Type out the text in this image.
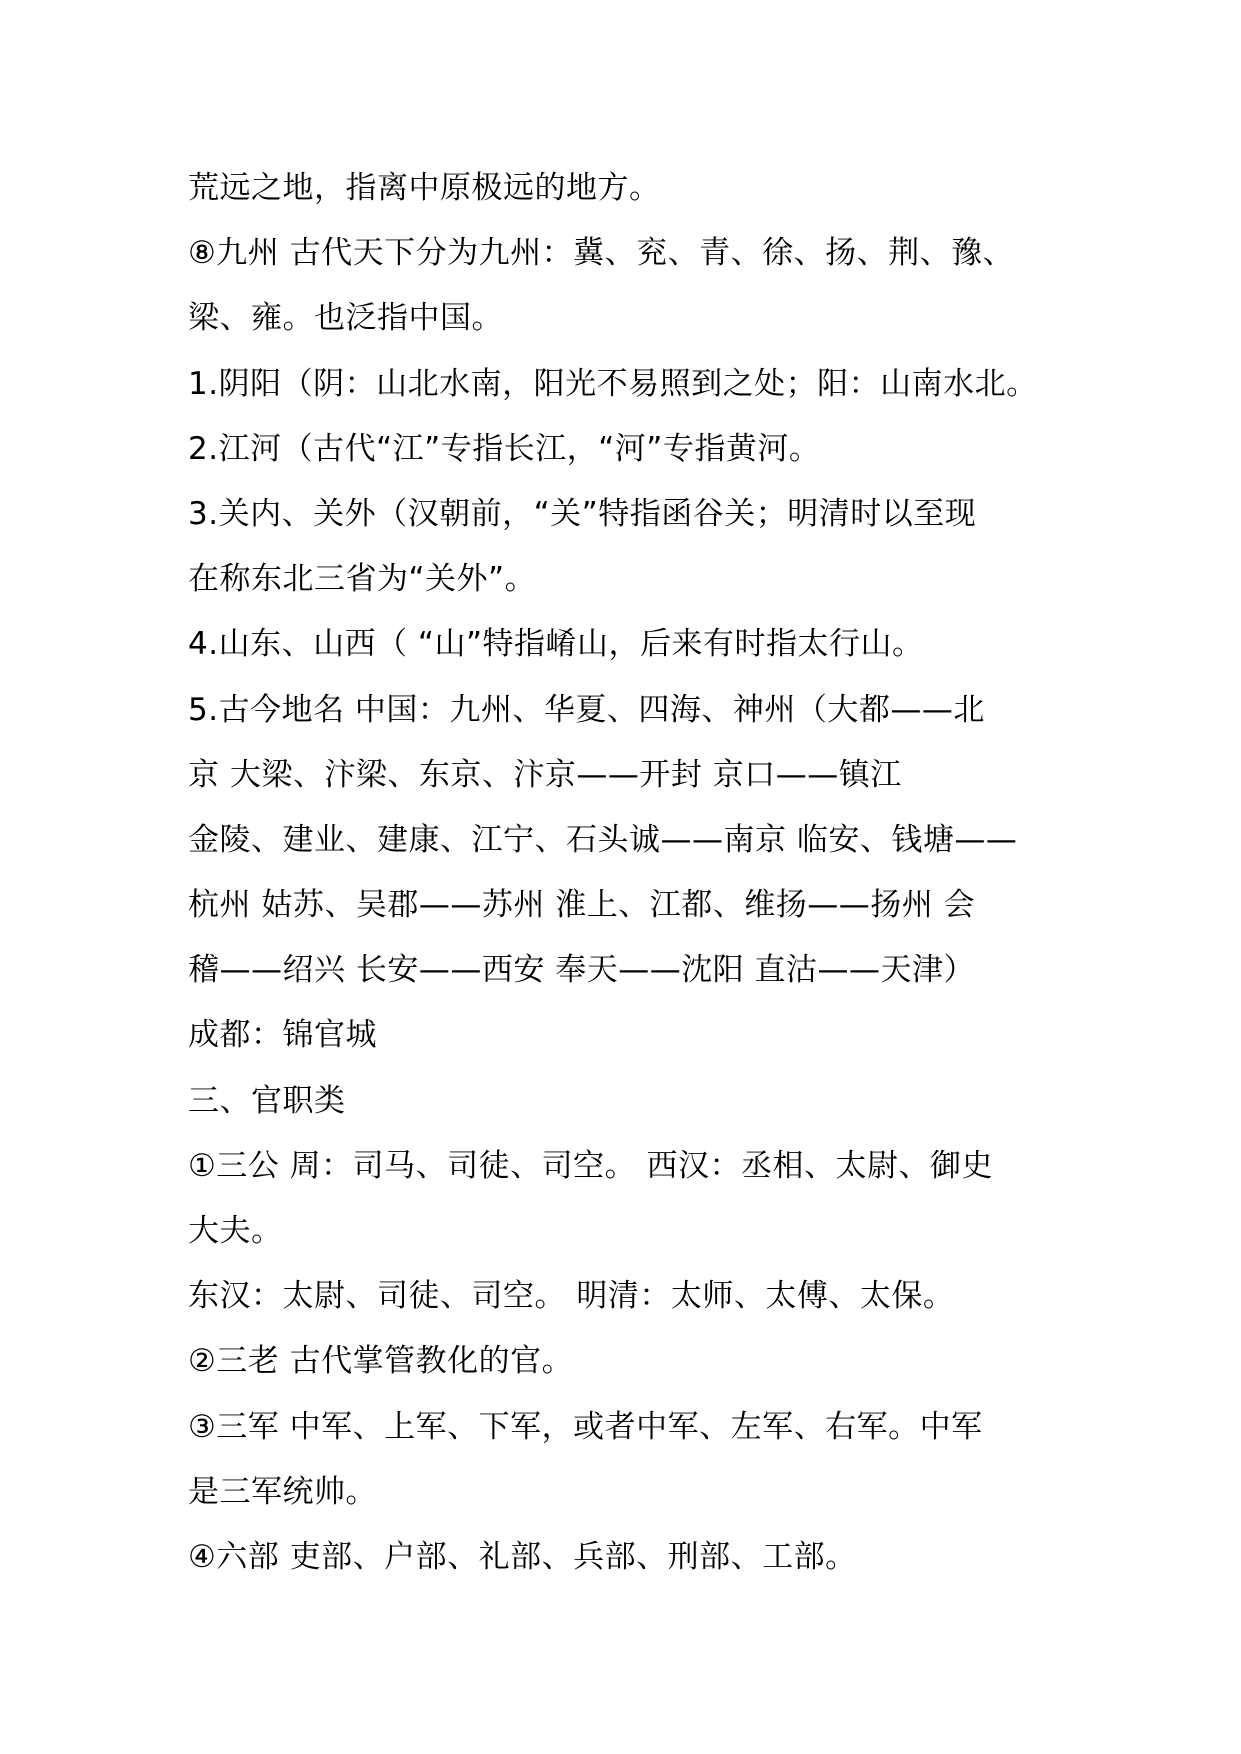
荒远之地，指离中原极远的地方。
⑧九州 古代天下分为九州：冀、兖、青、徐、扬、荆、豫、
梁、雍。也泛指中国。
1.阴阳（阴：山北水南，阳光不易照到之处；阳：山南水北。
2.江河（古代“江”专指长江，“河”专指黄河。
3.关内、关外（汉朝前，“关”特指函谷关；明清时以至现
在称东北三省为“关外”。
4.山东、山西（ “山”特指崤山，后来有时指太行山。
5.古今地名 中国：九州、华夏、四海、神州（大都——北
京 大梁、汴梁、东京、汴京——开封 京口——镇江
金陵、建业、建康、江宁、石头诚——南京 临安、钱塘——
杭州 姑苏、吴郡——苏州 淮上、江都、维扬——扬州 会
稽——绍兴 长安——西安 奉天——沈阳 直沽——天津）
成都：锦官城
三、官职类
①三公 周：司马、司徒、司空。 西汉：丞相、太尉、御史
大夫。
东汉：太尉、司徒、司空。 明清：太师、太傅、太保。
②三老 古代掌管教化的官。
③三军 中军、上军、下军，或者中军、左军、右军。中军
是三军统帅。
④六部 吏部、户部、礼部、兵部、刑部、工部。
